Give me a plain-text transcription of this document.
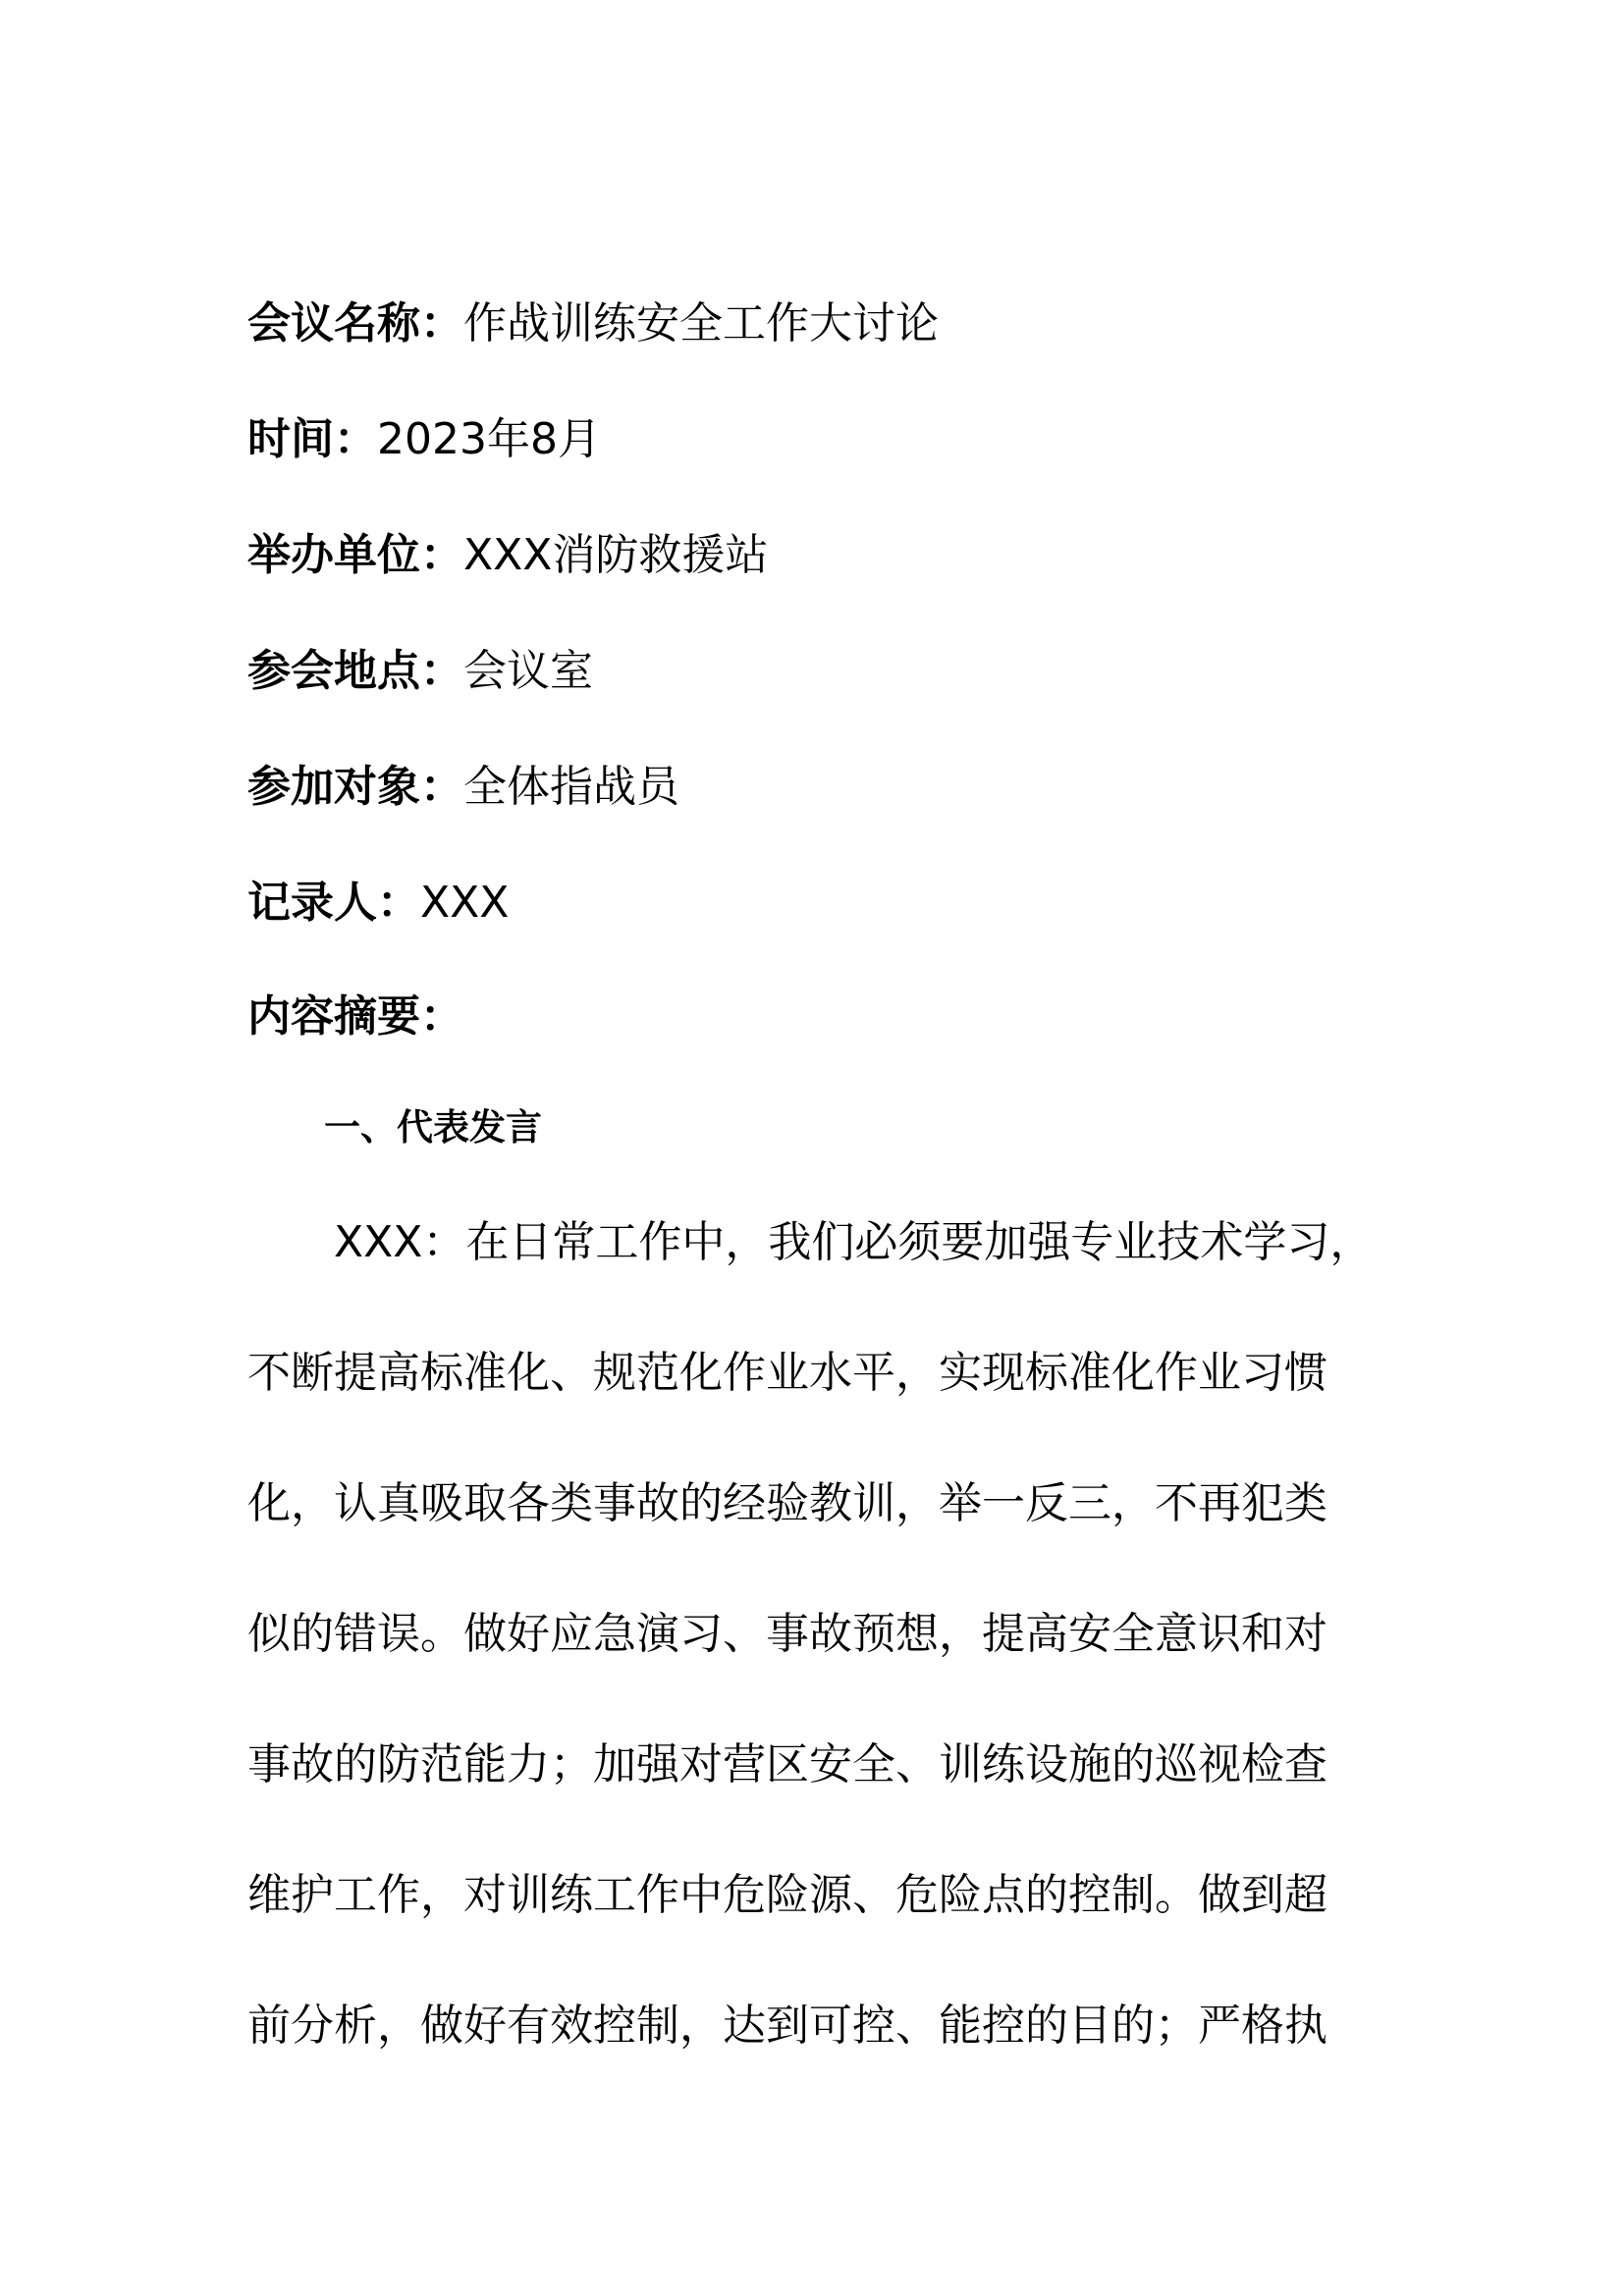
会议名称：作战训练安全工作大讨论
时间：2023年8月
举办单位：XXX消防救援站
参会地点：会议室
参加对象：全体指战员
记录人：XXX
内容摘要：
一、代表发言
XXX：在日常工作中，我们必须要加强专业技术学习，
不断提高标准化、规范化作业水平，实现标准化作业习惯
化，认真吸取各类事故的经验教训，举一反三，不再犯类
似的错误。做好应急演习、事故预想，提高安全意识和对
事故的防范能力；加强对营区安全、训练设施的巡视检查
维护工作，对训练工作中危险源、危险点的控制。做到超
前分析，做好有效控制，达到可控、能控的目的；严格执
